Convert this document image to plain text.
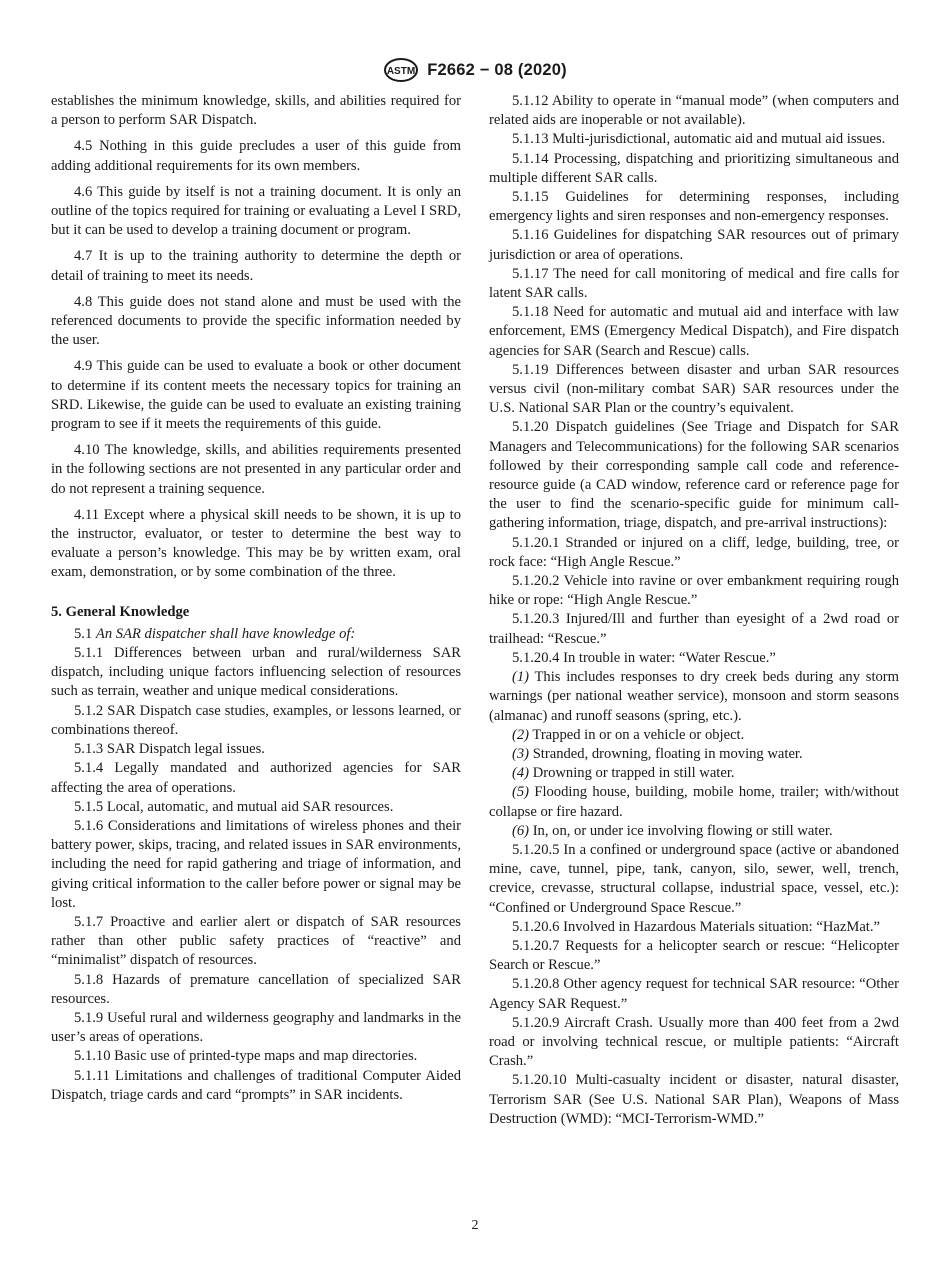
ASTM F2662 − 08 (2020)

establishes the minimum knowledge, skills, and abilities required for a person to perform SAR Dispatch.

4.5 Nothing in this guide precludes a user of this guide from adding additional requirements for its own members.

4.6 This guide by itself is not a training document. It is only an outline of the topics required for training or evaluating a Level I SRD, but it can be used to develop a training document or program.

4.7 It is up to the training authority to determine the depth or detail of training to meet its needs.

4.8 This guide does not stand alone and must be used with the referenced documents to provide the specific information needed by the user.

4.9 This guide can be used to evaluate a book or other document to determine if its content meets the necessary topics for training an SRD. Likewise, the guide can be used to evaluate an existing training program to see if it meets the requirements of this guide.

4.10 The knowledge, skills, and abilities requirements presented in the following sections are not presented in any particular order and do not represent a training sequence.

4.11 Except where a physical skill needs to be shown, it is up to the instructor, evaluator, or tester to determine the best way to evaluate a person’s knowledge. This may be by written exam, oral exam, demonstration, or by some combination of the three.

5. General Knowledge

5.1 An SAR dispatcher shall have knowledge of:

5.1.1 Differences between urban and rural/wilderness SAR dispatch, including unique factors influencing selection of resources such as terrain, weather and unique medical considerations.

5.1.2 SAR Dispatch case studies, examples, or lessons learned, or combinations thereof.

5.1.3 SAR Dispatch legal issues.

5.1.4 Legally mandated and authorized agencies for SAR affecting the area of operations.

5.1.5 Local, automatic, and mutual aid SAR resources.

5.1.6 Considerations and limitations of wireless phones and their battery power, skips, tracing, and related issues in SAR environments, including the need for rapid gathering and triage of information, and giving critical information to the caller before power or signal may be lost.

5.1.7 Proactive and earlier alert or dispatch of SAR resources rather than other public safety practices of “reactive” and “minimalist” dispatch of resources.

5.1.8 Hazards of premature cancellation of specialized SAR resources.

5.1.9 Useful rural and wilderness geography and landmarks in the user’s areas of operations.

5.1.10 Basic use of printed-type maps and map directories.

5.1.11 Limitations and challenges of traditional Computer Aided Dispatch, triage cards and card “prompts” in SAR incidents.

5.1.12 Ability to operate in “manual mode” (when computers and related aids are inoperable or not available).

5.1.13 Multi-jurisdictional, automatic aid and mutual aid issues.

5.1.14 Processing, dispatching and prioritizing simultaneous and multiple different SAR calls.

5.1.15 Guidelines for determining responses, including emergency lights and siren responses and non-emergency responses.

5.1.16 Guidelines for dispatching SAR resources out of primary jurisdiction or area of operations.

5.1.17 The need for call monitoring of medical and fire calls for latent SAR calls.

5.1.18 Need for automatic and mutual aid and interface with law enforcement, EMS (Emergency Medical Dispatch), and Fire dispatch agencies for SAR (Search and Rescue) calls.

5.1.19 Differences between disaster and urban SAR resources versus civil (non-military combat SAR) SAR resources under the U.S. National SAR Plan or the country’s equivalent.

5.1.20 Dispatch guidelines (See Triage and Dispatch for SAR Managers and Telecommunications) for the following SAR scenarios followed by their corresponding sample call code and reference-resource guide (a CAD window, reference card or reference page for the user to find the scenario-specific guide for minimum call-gathering information, triage, dispatch, and pre-arrival instructions):

5.1.20.1 Stranded or injured on a cliff, ledge, building, tree, or rock face: “High Angle Rescue.”

5.1.20.2 Vehicle into ravine or over embankment requiring rough hike or rope: “High Angle Rescue.”

5.1.20.3 Injured/Ill and further than eyesight of a 2wd road or trailhead: “Rescue.”

5.1.20.4 In trouble in water: “Water Rescue.”

(1) This includes responses to dry creek beds during any storm warnings (per national weather service), monsoon and storm seasons (almanac) and runoff seasons (spring, etc.).

(2) Trapped in or on a vehicle or object.

(3) Stranded, drowning, floating in moving water.

(4) Drowning or trapped in still water.

(5) Flooding house, building, mobile home, trailer; with/without collapse or fire hazard.

(6) In, on, or under ice involving flowing or still water.

5.1.20.5 In a confined or underground space (active or abandoned mine, cave, tunnel, pipe, tank, canyon, silo, sewer, well, trench, crevice, crevasse, structural collapse, industrial space, vessel, etc.): “Confined or Underground Space Rescue.”

5.1.20.6 Involved in Hazardous Materials situation: “HazMat.”

5.1.20.7 Requests for a helicopter search or rescue: “Helicopter Search or Rescue.”

5.1.20.8 Other agency request for technical SAR resource: “Other Agency SAR Request.”

5.1.20.9 Aircraft Crash. Usually more than 400 feet from a 2wd road or involving technical rescue, or multiple patients: “Aircraft Crash.”

5.1.20.10 Multi-casualty incident or disaster, natural disaster, Terrorism SAR (See U.S. National SAR Plan), Weapons of Mass Destruction (WMD): “MCI-Terrorism-WMD.”

2
